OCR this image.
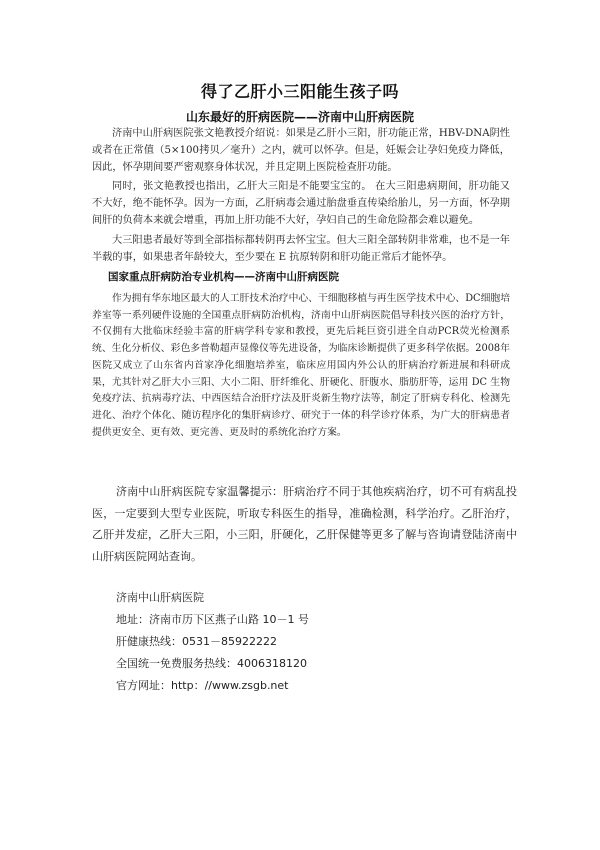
得了乙肝小三阳能生孩子吗
山东最好的肝病医院——济南中山肝病医院

济南中山肝病医院张文艳教授介绍说：如果是乙肝小三阳，肝功能正常，HBV-DNA阴性或者在正常值（5×100拷贝／毫升）之内，就可以怀孕。但是，妊娠会让孕妇免疫力降低，因此，怀孕期间要严密观察身体状况，并且定期上医院检查肝功能。

同时，张文艳教授也指出，乙肝大三阳是不能要宝宝的。 在大三阳患病期间，肝功能又不大好，绝不能怀孕。因为一方面，乙肝病毒会通过胎盘垂直传染给胎儿，另一方面，怀孕期间肝的负荷本来就会增重，再加上肝功能不大好，孕妇自己的生命危险都会难以避免。

大三阳患者最好等到全部指标都转阴再去怀宝宝。但大三阳全部转阴非常难，也不是一年半载的事，如果患者年龄较大，至少要在 E 抗原转阴和肝功能正常后才能怀孕。

国家重点肝病防治专业机构——济南中山肝病医院

作为拥有华东地区最大的人工肝技术治疗中心、干细胞移植与再生医学技术中心、DC细胞培养室等一系列硬件设施的全国重点肝病防治机构，济南中山肝病医院倡导科技兴医的治疗方针，不仅拥有大批临床经验丰富的肝病学科专家和教授，更先后耗巨资引进全自动PCR荧光检测系统、生化分析仪、彩色多普勒超声显像仪等先进设备，为临床诊断提供了更多科学依据。2008年医院又成立了山东省内首家净化细胞培养室，临床应用国内外公认的肝病治疗新进展和科研成果，尤其针对乙肝大小三阳、大小二阳、肝纤维化、肝硬化、肝腹水、脂肪肝等，运用 DC 生物免疫疗法、抗病毒疗法、中西医结合治肝疗法及肝炎新生物疗法等，制定了肝病专科化、检测先进化、治疗个体化、随访程序化的集肝病诊疗、研究于一体的科学诊疗体系，为广大的肝病患者提供更安全、更有效、更完善、更及时的系统化治疗方案。

济南中山肝病医院专家温馨提示：肝病治疗不同于其他疾病治疗，切不可有病乱投医，一定要到大型专业医院，听取专科医生的指导，准确检测，科学治疗。乙肝治疗，乙肝并发症，乙肝大三阳，小三阳，肝硬化，乙肝保健等更多了解与咨询请登陆济南中山肝病医院网站查询。

济南中山肝病医院
地址：济南市历下区燕子山路 10－1 号
肝健康热线：0531－85922222
全国统一免费服务热线：4006318120
官方网址：http：//www.zsgb.net
